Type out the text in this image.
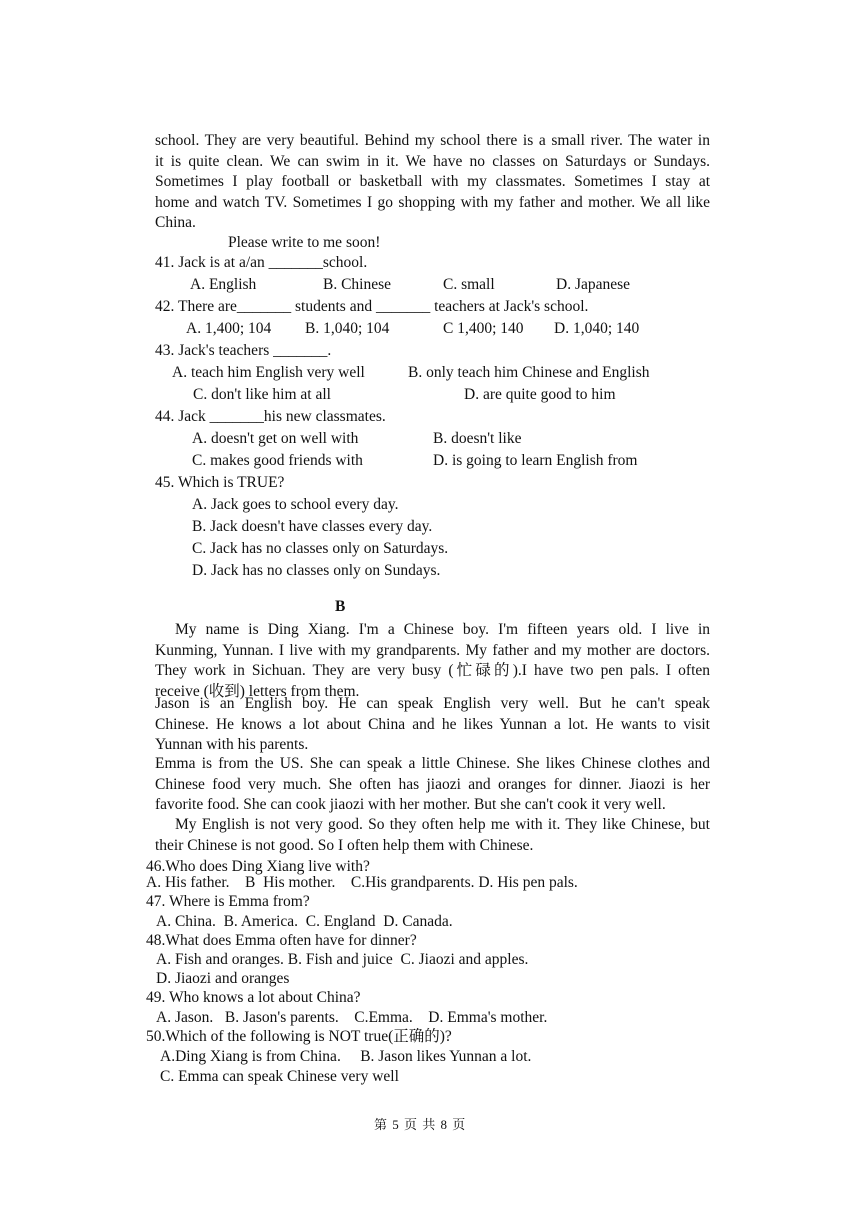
school. They are very beautiful. Behind my school there is a small river. The water in
it is quite clean. We can swim in it. We have no classes on Saturdays or Sundays.
Sometimes I play football or basketball with my classmates. Sometimes I stay at
home and watch TV. Sometimes I go shopping with my father and mother. We all like
China.
Please write to me soon!
41. Jack is at a/an _______school.
A. English	B. Chinese	C. small	D. Japanese
42. There are_______ students and _______ teachers at Jack's school.
A. 1,400; 104 B. 1,040; 104	C 1,400; 140 D. 1,040; 140
43. Jack's teachers _______.
A. teach him English very well	B. only teach him Chinese and English
C. don't like him at all	D. are quite good to him
44. Jack _______his new classmates.
A. doesn't get on well with	B. doesn't like
C. makes good friends with	D. is going to learn English from
45. Which is TRUE?
A. Jack goes to school every day.
B. Jack doesn't have classes every day.
C. Jack has no classes only on Saturdays.
D. Jack has no classes only on Sundays.
B
My name is Ding Xiang. I'm a Chinese boy. I'm fifteen years old. I live in
Kunming, Yunnan. I live with my grandparents. My father and my mother are doctors.
They work in Sichuan. They are very busy (忙碌的).I have two pen pals. I often
receive (收到) letters from them.
Jason is an English boy. He can speak English very well. But he can't speak
Chinese. He knows a lot about China and he likes Yunnan a lot. He wants to visit
Yunnan with his parents.
Emma is from the US. She can speak a little Chinese. She likes Chinese clothes and
Chinese food very much. She often has jiaozi and oranges for dinner. Jiaozi is her
favorite food. She can cook jiaozi with her mother. But she can't cook it very well.
My English is not very good. So they often help me with it. They like Chinese, but
their Chinese is not good. So I often help them with Chinese.
46.Who does Ding Xiang live with?
A. His father.    B  His mother.    C.His grandparents. D. His pen pals.
47. Where is Emma from?
A. China.  B. America.  C. England  D. Canada.
48.What does Emma often have for dinner?
A. Fish and oranges. B. Fish and juice  C. Jiaozi and apples.
D. Jiaozi and oranges
49. Who knows a lot about China?
A. Jason.   B. Jason's parents.    C.Emma.    D. Emma's mother.
50.Which of the following is NOT true(正确的)?
A.Ding Xiang is from China.     B. Jason likes Yunnan a lot.
C. Emma can speak Chinese very well
第 5 页 共 8 页
